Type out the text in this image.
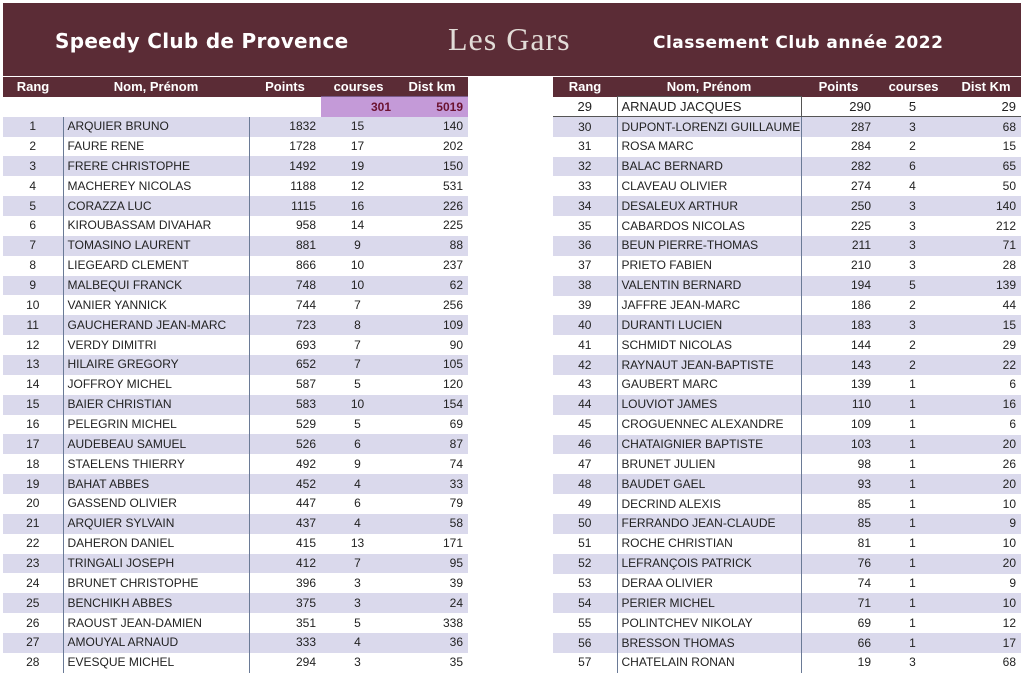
Speedy Club de Provence	Les Gars	Classement Club année 2022
Rang	Nom, Prénom	Points	courses	Dist km
			301	5019
1	ARQUIER BRUNO	1832	15	140
2	FAURE RENE	1728	17	202
3	FRERE CHRISTOPHE	1492	19	150
4	MACHEREY NICOLAS	1188	12	531
5	CORAZZA LUC	1115	16	226
6	KIROUBASSAM DIVAHAR	958	14	225
7	TOMASINO LAURENT	881	9	88
8	LIEGEARD CLEMENT	866	10	237
9	MALBEQUI FRANCK	748	10	62
10	VANIER YANNICK	744	7	256
11	GAUCHERAND JEAN-MARC	723	8	109
12	VERDY DIMITRI	693	7	90
13	HILAIRE GREGORY	652	7	105
14	JOFFROY MICHEL	587	5	120
15	BAIER CHRISTIAN	583	10	154
16	PELEGRIN MICHEL	529	5	69
17	AUDEBEAU SAMUEL	526	6	87
18	STAELENS THIERRY	492	9	74
19	BAHAT ABBES	452	4	33
20	GASSEND OLIVIER	447	6	79
21	ARQUIER SYLVAIN	437	4	58
22	DAHERON DANIEL	415	13	171
23	TRINGALI JOSEPH	412	7	95
24	BRUNET CHRISTOPHE	396	3	39
25	BENCHIKH ABBES	375	3	24
26	RAOUST JEAN-DAMIEN	351	5	338
27	AMOUYAL ARNAUD	333	4	36
28	EVESQUE MICHEL	294	3	35
Rang	Nom, Prénom	Points	courses	Dist Km
29	ARNAUD JACQUES	290	5	29
30	DUPONT-LORENZI GUILLAUME	287	3	68
31	ROSA MARC	284	2	15
32	BALAC BERNARD	282	6	65
33	CLAVEAU OLIVIER	274	4	50
34	DESALEUX ARTHUR	250	3	140
35	CABARDOS NICOLAS	225	3	212
36	BEUN PIERRE-THOMAS	211	3	71
37	PRIETO FABIEN	210	3	28
38	VALENTIN BERNARD	194	5	139
39	JAFFRE JEAN-MARC	186	2	44
40	DURANTI LUCIEN	183	3	15
41	SCHMIDT NICOLAS	144	2	29
42	RAYNAUT JEAN-BAPTISTE	143	2	22
43	GAUBERT MARC	139	1	6
44	LOUVIOT JAMES	110	1	16
45	CROGUENNEC ALEXANDRE	109	1	6
46	CHATAIGNIER BAPTISTE	103	1	20
47	BRUNET JULIEN	98	1	26
48	BAUDET GAEL	93	1	20
49	DECRIND ALEXIS	85	1	10
50	FERRANDO JEAN-CLAUDE	85	1	9
51	ROCHE CHRISTIAN	81	1	10
52	LEFRANÇOIS PATRICK	76	1	20
53	DERAA OLIVIER	74	1	9
54	PERIER MICHEL	71	1	10
55	POLINTCHEV NIKOLAY	69	1	12
56	BRESSON THOMAS	66	1	17
57	CHATELAIN RONAN	19	3	68
